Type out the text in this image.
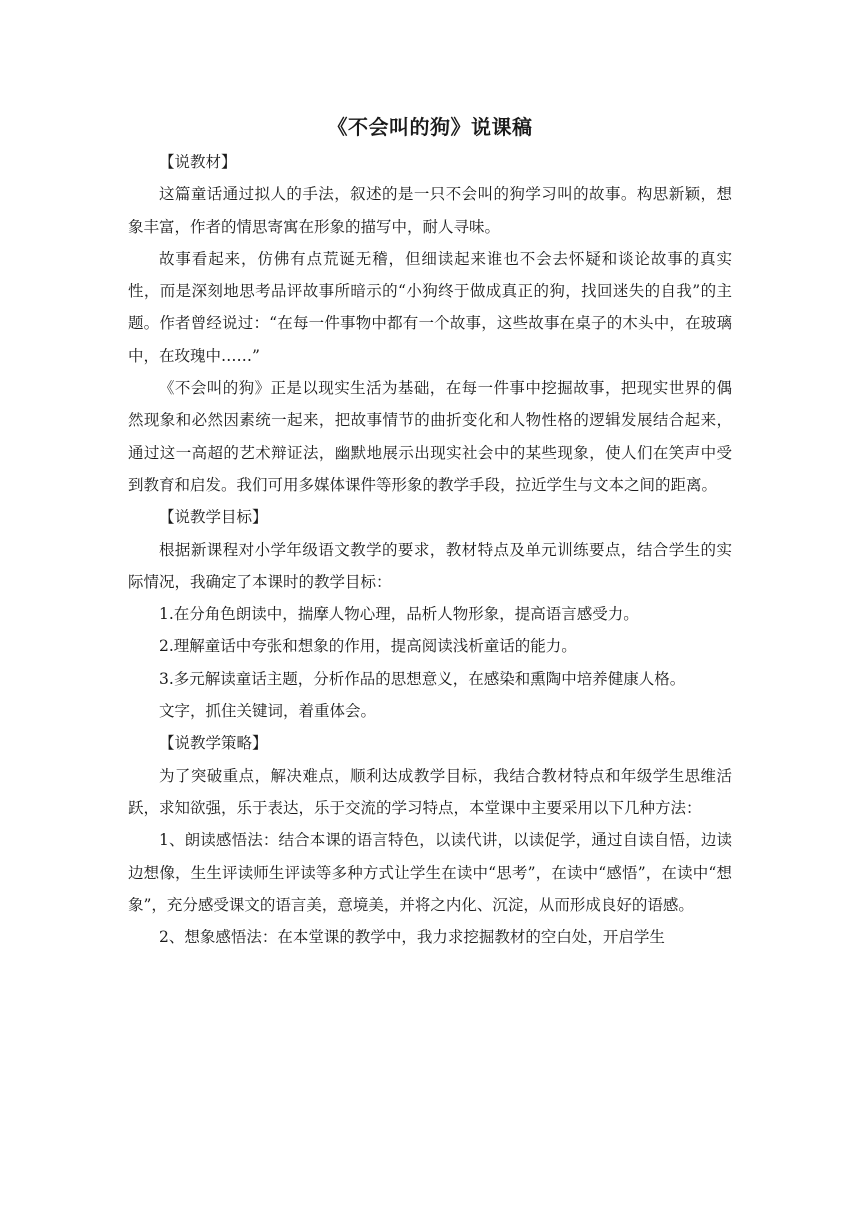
《不会叫的狗》说课稿

【说教材】

这篇童话通过拟人的手法，叙述的是一只不会叫的狗学习叫的故事。构思新颖，想象丰富，作者的情思寄寓在形象的描写中，耐人寻味。

故事看起来，仿佛有点荒诞无稽，但细读起来谁也不会去怀疑和谈论故事的真实性，而是深刻地思考品评故事所暗示的“小狗终于做成真正的狗，找回迷失的自我”的主题。作者曾经说过：“在每一件事物中都有一个故事，这些故事在桌子的木头中，在玻璃中，在玫瑰中……”

《不会叫的狗》正是以现实生活为基础，在每一件事中挖掘故事，把现实世界的偶然现象和必然因素统一起来，把故事情节的曲折变化和人物性格的逻辑发展结合起来，通过这一高超的艺术辩证法，幽默地展示出现实社会中的某些现象，使人们在笑声中受到教育和启发。我们可用多媒体课件等形象的教学手段，拉近学生与文本之间的距离。

【说教学目标】

根据新课程对小学年级语文教学的要求，教材特点及单元训练要点，结合学生的实际情况，我确定了本课时的教学目标：

1.在分角色朗读中，揣摩人物心理，品析人物形象，提高语言感受力。

2.理解童话中夸张和想象的作用，提高阅读浅析童话的能力。

3.多元解读童话主题，分析作品的思想意义，在感染和熏陶中培养健康人格。

文字，抓住关键词，着重体会。

【说教学策略】

为了突破重点，解决难点，顺利达成教学目标，我结合教材特点和年级学生思维活跃，求知欲强，乐于表达，乐于交流的学习特点，本堂课中主要采用以下几种方法：

1、朗读感悟法：结合本课的语言特色，以读代讲，以读促学，通过自读自悟，边读边想像，生生评读师生评读等多种方式让学生在读中“思考”，在读中“感悟”，在读中“想象”，充分感受课文的语言美，意境美，并将之内化、沉淀，从而形成良好的语感。

2、想象感悟法：在本堂课的教学中，我力求挖掘教材的空白处，开启学生
